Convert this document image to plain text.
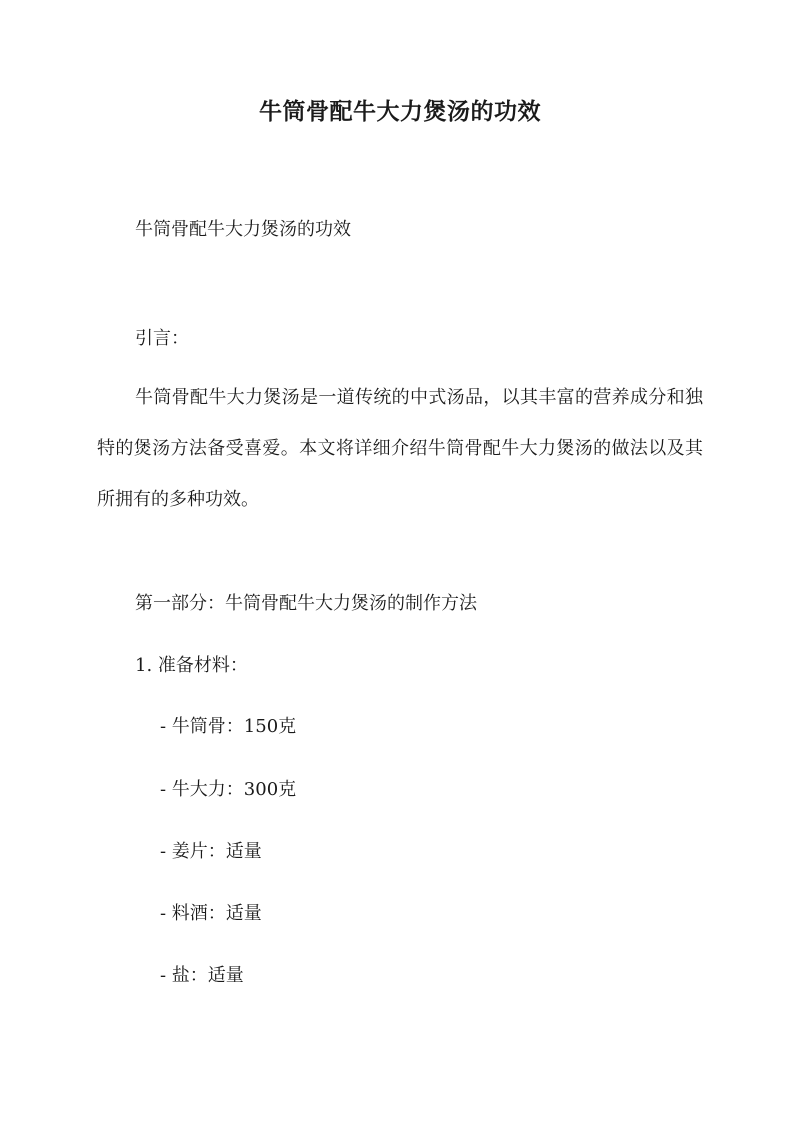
牛筒骨配牛大力煲汤的功效
牛筒骨配牛大力煲汤的功效
引言：
牛筒骨配牛大力煲汤是一道传统的中式汤品，以其丰富的营养成分和独特的煲汤方法备受喜爱。本文将详细介绍牛筒骨配牛大力煲汤的做法以及其所拥有的多种功效。
第一部分：牛筒骨配牛大力煲汤的制作方法
1. 准备材料：
- 牛筒骨：150克
- 牛大力：300克
- 姜片：适量
- 料酒：适量
- 盐：适量
